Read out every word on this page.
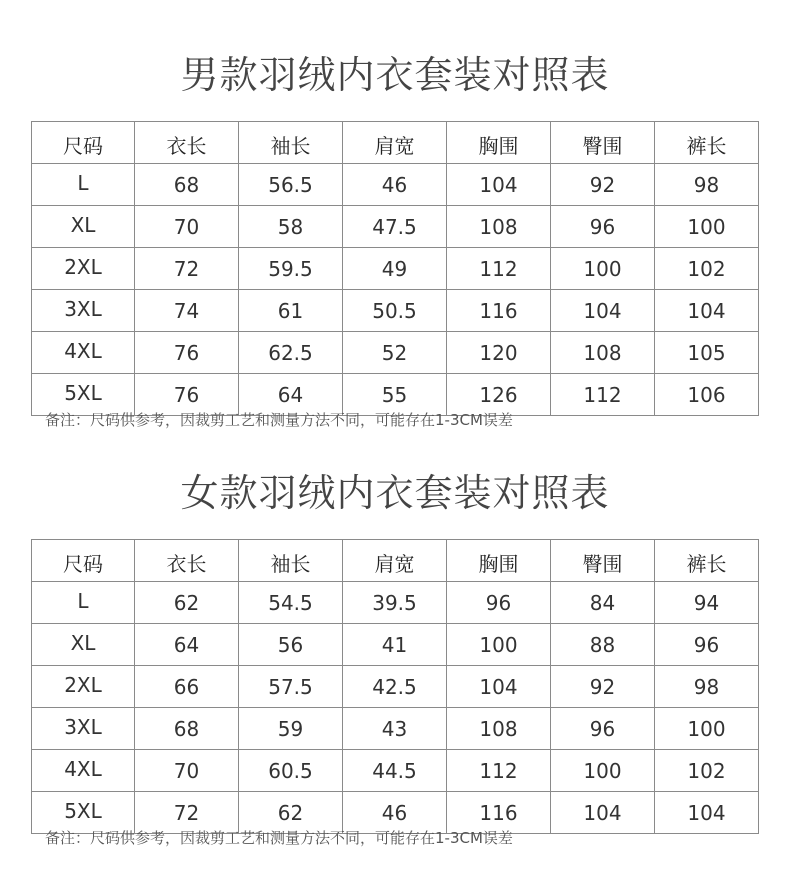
男款羽绒内衣套装对照表
尺码	衣长	袖长	肩宽	胸围	臀围	裤长
L	68	56.5	46	104	92	98
XL	70	58	47.5	108	96	100
2XL	72	59.5	49	112	100	102
3XL	74	61	50.5	116	104	104
4XL	76	62.5	52	120	108	105
5XL	76	64	55	126	112	106
备注：尺码供参考，因裁剪工艺和测量方法不同，可能存在1-3CM误差
女款羽绒内衣套装对照表
尺码	衣长	袖长	肩宽	胸围	臀围	裤长
L	62	54.5	39.5	96	84	94
XL	64	56	41	100	88	96
2XL	66	57.5	42.5	104	92	98
3XL	68	59	43	108	96	100
4XL	70	60.5	44.5	112	100	102
5XL	72	62	46	116	104	104
备注：尺码供参考，因裁剪工艺和测量方法不同，可能存在1-3CM误差
